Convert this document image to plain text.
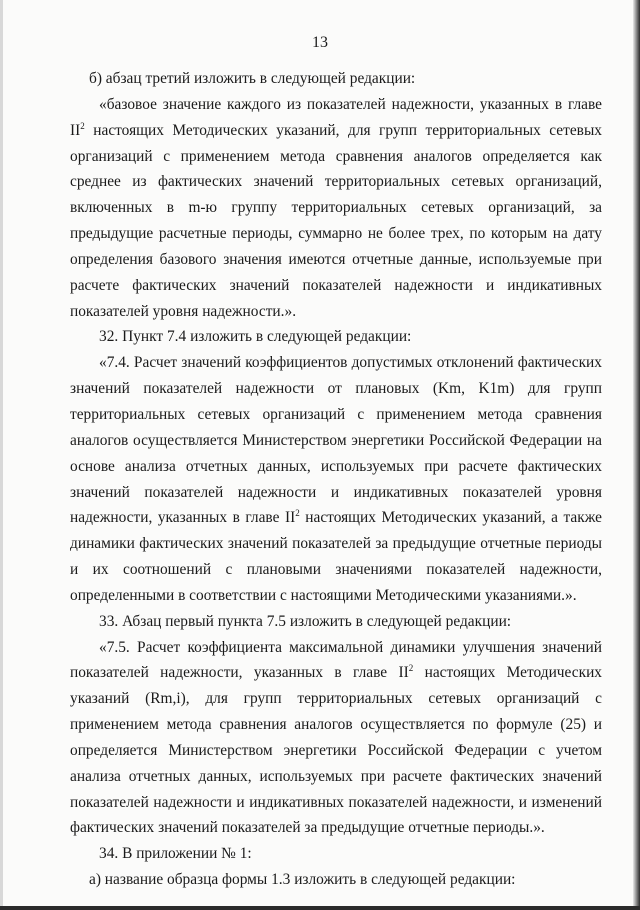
13

б) абзац третий изложить в следующей редакции:

«базовое значение каждого из показателей надежности, указанных в главе $II^2$ настоящих Методических указаний, для групп территориальных сетевых организаций с применением метода сравнения аналогов определяется как среднее из фактических значений территориальных сетевых организаций, включенных в m-ю группу территориальных сетевых организаций, за предыдущие расчетные периоды, суммарно не более трех, по которым на дату определения базового значения имеются отчетные данные, используемые при расчете фактических значений показателей надежности и индикативных показателей уровня надежности.».

32. Пункт 7.4 изложить в следующей редакции:

«7.4. Расчет значений коэффициентов допустимых отклонений фактических значений показателей надежности от плановых (Km, K1m) для групп территориальных сетевых организаций с применением метода сравнения аналогов осуществляется Министерством энергетики Российской Федерации на основе анализа отчетных данных, используемых при расчете фактических значений показателей надежности и индикативных показателей уровня надежности, указанных в главе $II^2$ настоящих Методических указаний, а также динамики фактических значений показателей за предыдущие отчетные периоды и их соотношений с плановыми значениями показателей надежности, определенными в соответствии с настоящими Методическими указаниями.».

33. Абзац первый пункта 7.5 изложить в следующей редакции:

«7.5. Расчет коэффициента максимальной динамики улучшения значений показателей надежности, указанных в главе $II^2$ настоящих Методических указаний (Rm,i), для групп территориальных сетевых организаций с применением метода сравнения аналогов осуществляется по формуле (25) и определяется Министерством энергетики Российской Федерации с учетом анализа отчетных данных, используемых при расчете фактических значений показателей надежности и индикативных показателей надежности, и изменений фактических значений показателей за предыдущие отчетные периоды.».

34. В приложении № 1:

а) название образца формы 1.3 изложить в следующей редакции:
